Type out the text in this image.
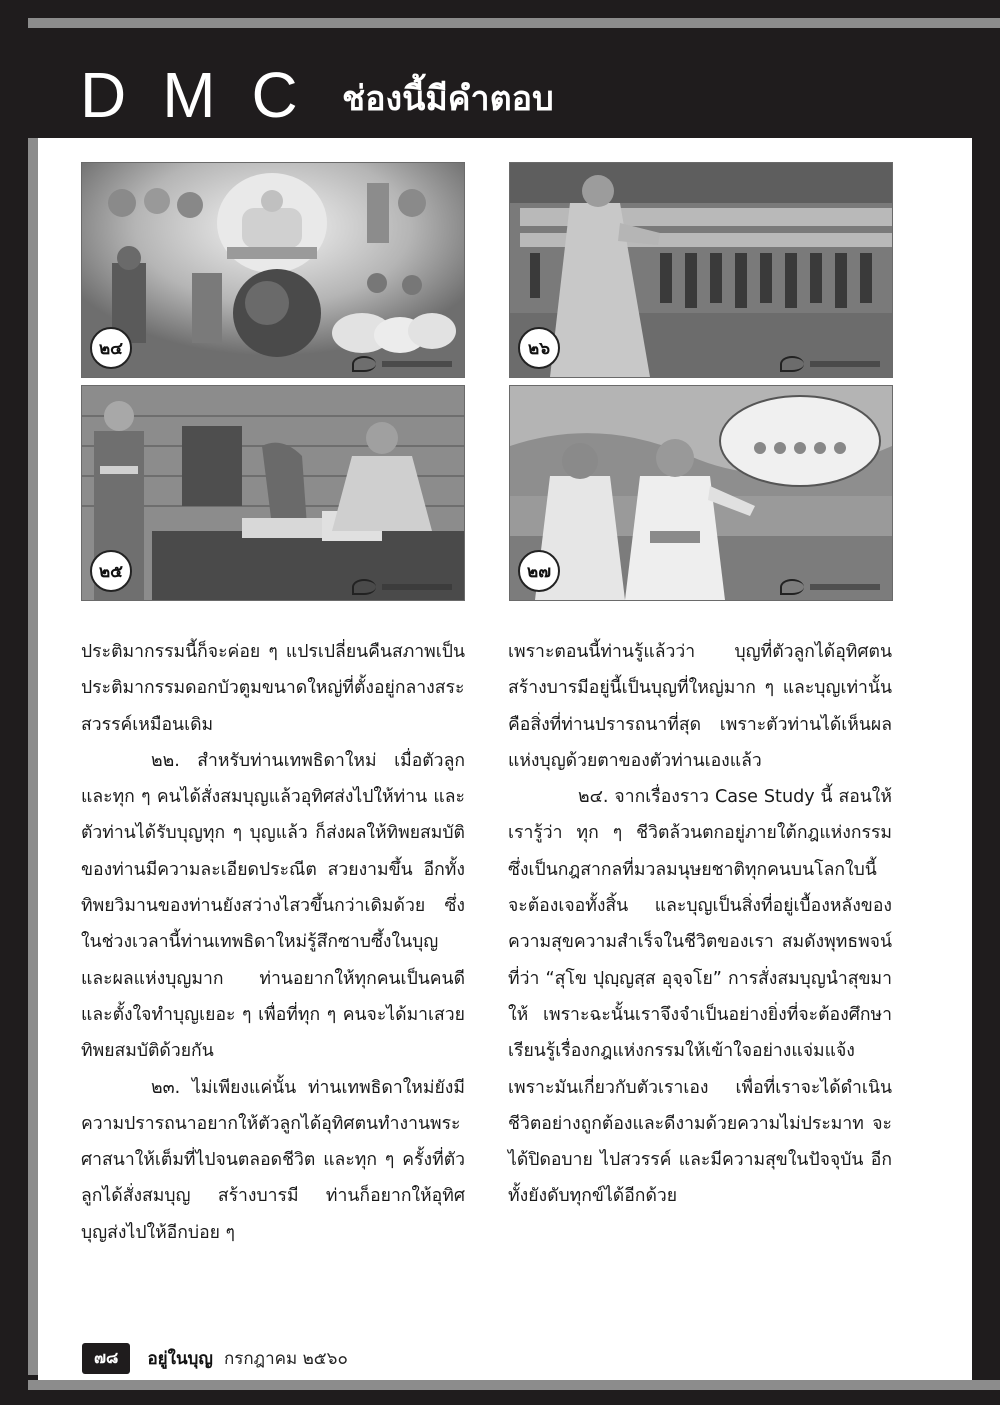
DMC ช่องนี้มีคำตอบ
๒๔	๒๖
๒๕	๒๗

ประติมากรรมนี้ก็จะค่อย ๆ แปรเปลี่ยนคืนสภาพเป็นประติมากรรมดอกบัวตูมขนาดใหญ่ที่ตั้งอยู่กลางสระสวรรค์เหมือนเดิม

๒๒. สำหรับท่านเทพธิดาใหม่ เมื่อตัวลูกและทุก ๆ คนได้สั่งสมบุญแล้วอุทิศส่งไปให้ท่าน และตัวท่านได้รับบุญทุก ๆ บุญแล้ว ก็ส่งผลให้ทิพยสมบัติของท่านมีความละเอียดประณีต สวยงามขึ้น อีกทั้งทิพยวิมานของท่านยังสว่างไสวขึ้นกว่าเดิมด้วย ซึ่งในช่วงเวลานี้ท่านเทพธิดาใหม่รู้สึกซาบซึ้งในบุญและผลแห่งบุญมาก ท่านอยากให้ทุกคนเป็นคนดีและตั้งใจทำบุญเยอะ ๆ เพื่อที่ทุก ๆ คนจะได้มาเสวยทิพยสมบัติด้วยกัน

๒๓. ไม่เพียงแค่นั้น ท่านเทพธิดาใหม่ยังมีความปรารถนาอยากให้ตัวลูกได้อุทิศตนทำงานพระศาสนาให้เต็มที่ไปจนตลอดชีวิต และทุก ๆ ครั้งที่ตัวลูกได้สั่งสมบุญ สร้างบารมี ท่านก็อยากให้อุทิศบุญส่งไปให้อีกบ่อย ๆ

เพราะตอนนี้ท่านรู้แล้วว่า บุญที่ตัวลูกได้อุทิศตนสร้างบารมีอยู่นี้เป็นบุญที่ใหญ่มาก ๆ และบุญเท่านั้นคือสิ่งที่ท่านปรารถนาที่สุด เพราะตัวท่านได้เห็นผลแห่งบุญด้วยตาของตัวท่านเองแล้ว

๒๔. จากเรื่องราว Case Study นี้ สอนให้เรารู้ว่า ทุก ๆ ชีวิตล้วนตกอยู่ภายใต้กฎแห่งกรรม ซึ่งเป็นกฎสากลที่มวลมนุษยชาติทุกคนบนโลกใบนี้จะต้องเจอทั้งสิ้น และบุญเป็นสิ่งที่อยู่เบื้องหลังของความสุขความสำเร็จในชีวิตของเรา สมดังพุทธพจน์ที่ว่า “สุโข ปุญฺญสฺส อุจฺจโย” การสั่งสมบุญนำสุขมาให้ เพราะฉะนั้นเราจึงจำเป็นอย่างยิ่งที่จะต้องศึกษาเรียนรู้เรื่องกฎแห่งกรรมให้เข้าใจอย่างแจ่มแจ้ง เพราะมันเกี่ยวกับตัวเราเอง เพื่อที่เราจะได้ดำเนินชีวิตอย่างถูกต้องและดีงามด้วยความไม่ประมาท จะได้ปิดอบาย ไปสวรรค์ และมีความสุขในปัจจุบัน อีกทั้งยังดับทุกข์ได้อีกด้วย

๗๘ อยู่ในบุญ กรกฎาคม ๒๕๖๐
